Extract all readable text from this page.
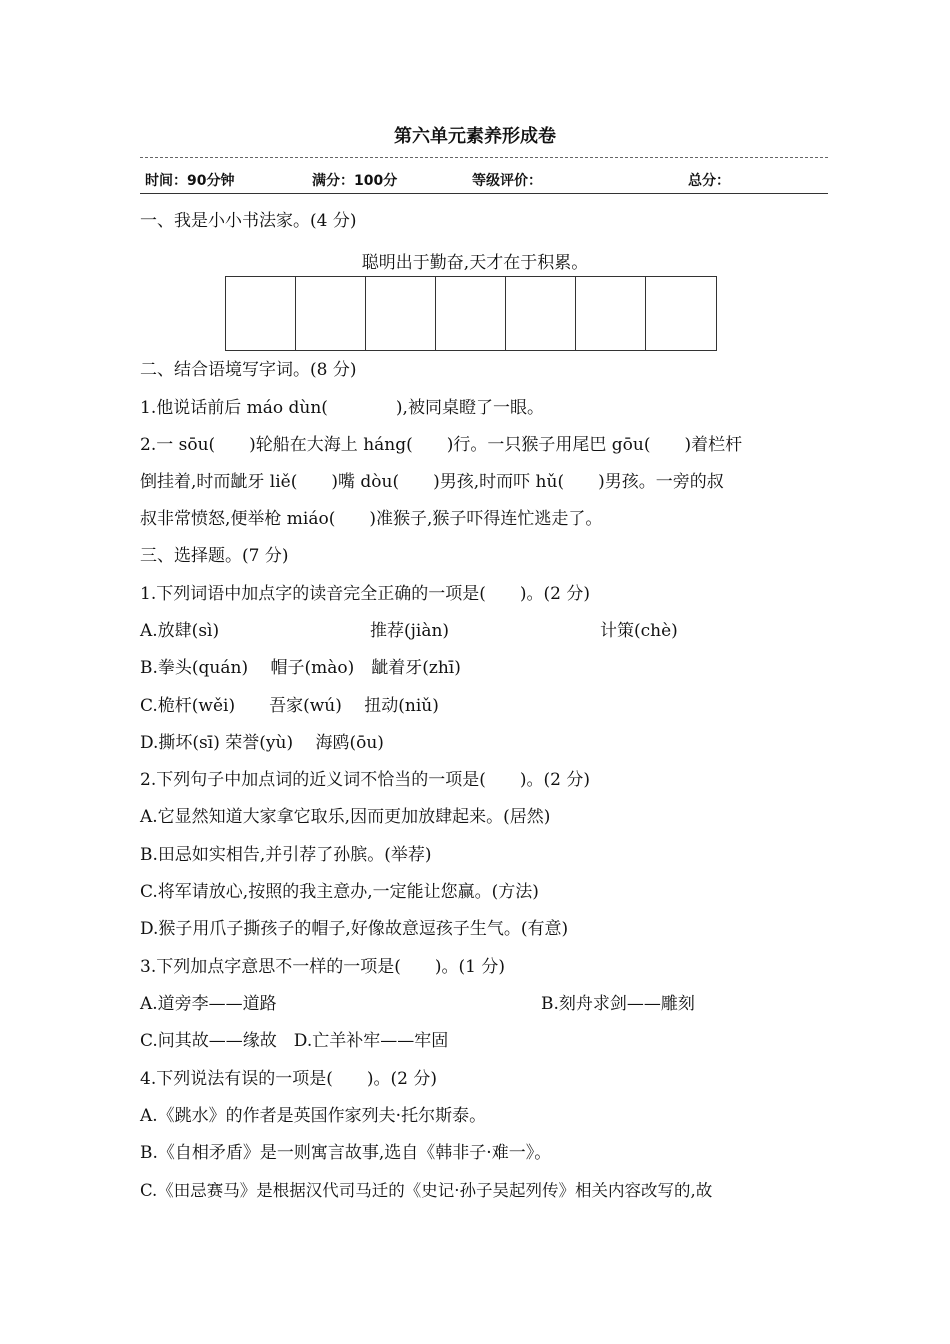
第六单元素养形成卷
时间：90分钟	满分：100分	等级评价：	总分：
一、我是小小书法家。(4 分)
聪明出于勤奋,天才在于积累。
二、结合语境写字词。(8 分)
1.他说话前后 máo dùn(　　　　),被同桌瞪了一眼。
2.一 sōu(　　)轮船在大海上 háng(　　)行。一只猴子用尾巴 gōu(　　)着栏杆
倒挂着,时而龇牙 liě(　　)嘴 dòu(　　)男孩,时而吓 hǔ(　　)男孩。一旁的叔
叔非常愤怒,便举枪 miáo(　　)准猴子,猴子吓得连忙逃走了。
三、选择题。(7 分)
1.下列词语中加点字的读音完全正确的一项是(　　)。(2 分)
A.放肆(sì)	推荐(jiàn)	计策(chè)
B.拳头(quán)　 帽子(mào)　龇着牙(zhī)
C.桅杆(wěi)　　吾家(wú)　 扭动(niǔ)
D.撕坏(sī) 荣誉(yù)　 海鸥(ōu)
2.下列句子中加点词的近义词不恰当的一项是(　　)。(2 分)
A.它显然知道大家拿它取乐,因而更加放肆起来。(居然)
B.田忌如实相告,并引荐了孙膑。(举荐)
C.将军请放心,按照的我主意办,一定能让您赢。(方法)
D.猴子用爪子撕孩子的帽子,好像故意逗孩子生气。(有意)
3.下列加点字意思不一样的一项是(　　)。(1 分)
A.道旁李——道路	B.刻舟求剑——雕刻
C.问其故——缘故　D.亡羊补牢——牢固
4.下列说法有误的一项是(　　)。(2 分)
A.《跳水》的作者是英国作家列夫·托尔斯泰。
B.《自相矛盾》是一则寓言故事,选自《韩非子·难一》。
C.《田忌赛马》是根据汉代司马迁的《史记·孙子吴起列传》相关内容改写的,故
